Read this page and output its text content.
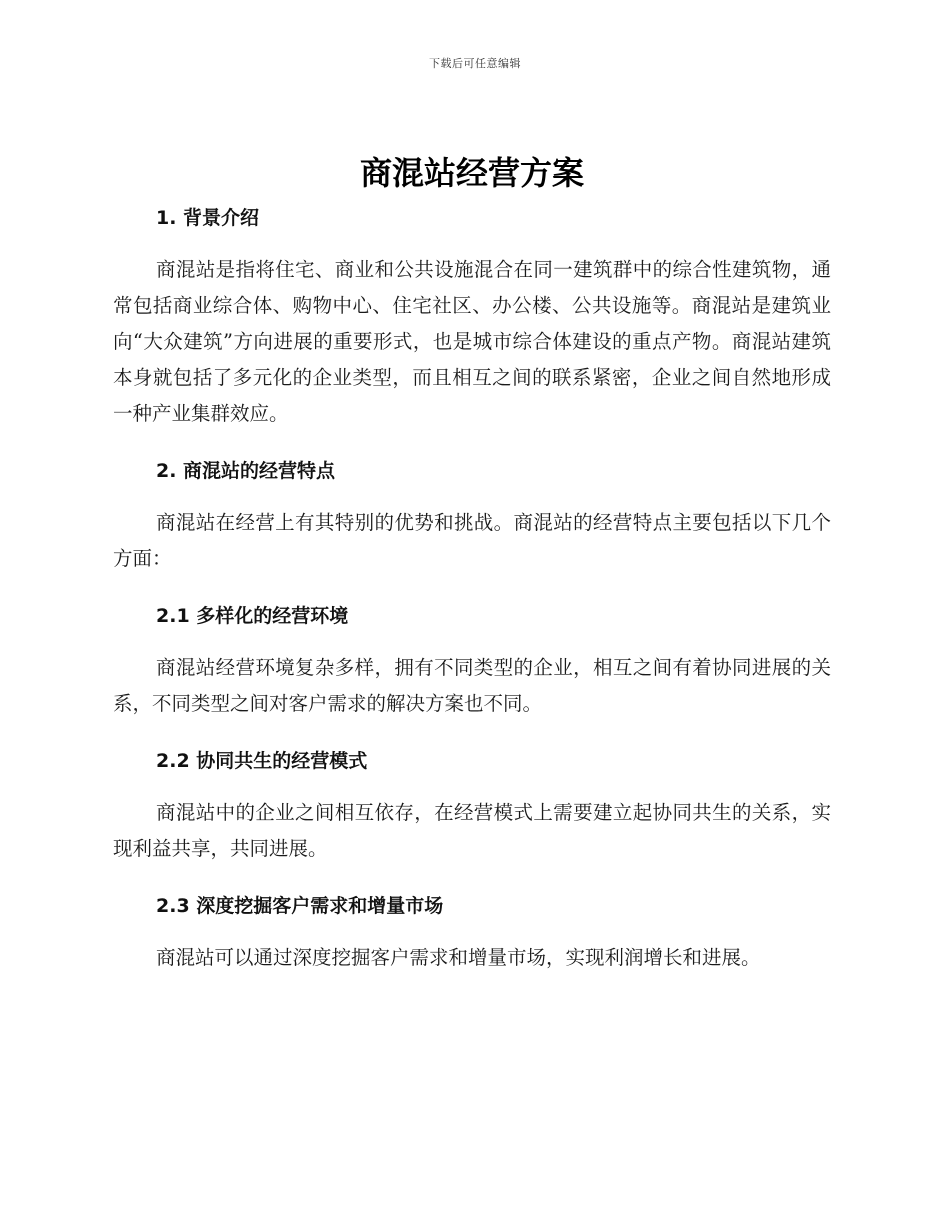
下载后可任意编辑
商混站经营方案
1. 背景介绍

商混站是指将住宅、商业和公共设施混合在同一建筑群中的综合性建筑物，通常包括商业综合体、购物中心、住宅社区、办公楼、公共设施等。商混站是建筑业向“大众建筑”方向进展的重要形式，也是城市综合体建设的重点产物。商混站建筑本身就包括了多元化的企业类型，而且相互之间的联系紧密，企业之间自然地形成一种产业集群效应。

2. 商混站的经营特点

商混站在经营上有其特别的优势和挑战。商混站的经营特点主要包括以下几个方面：

2.1 多样化的经营环境

商混站经营环境复杂多样，拥有不同类型的企业，相互之间有着协同进展的关系，不同类型之间对客户需求的解决方案也不同。

2.2 协同共生的经营模式

商混站中的企业之间相互依存，在经营模式上需要建立起协同共生的关系，实现利益共享，共同进展。

2.3 深度挖掘客户需求和增量市场

商混站可以通过深度挖掘客户需求和增量市场，实现利润增长和进展。
